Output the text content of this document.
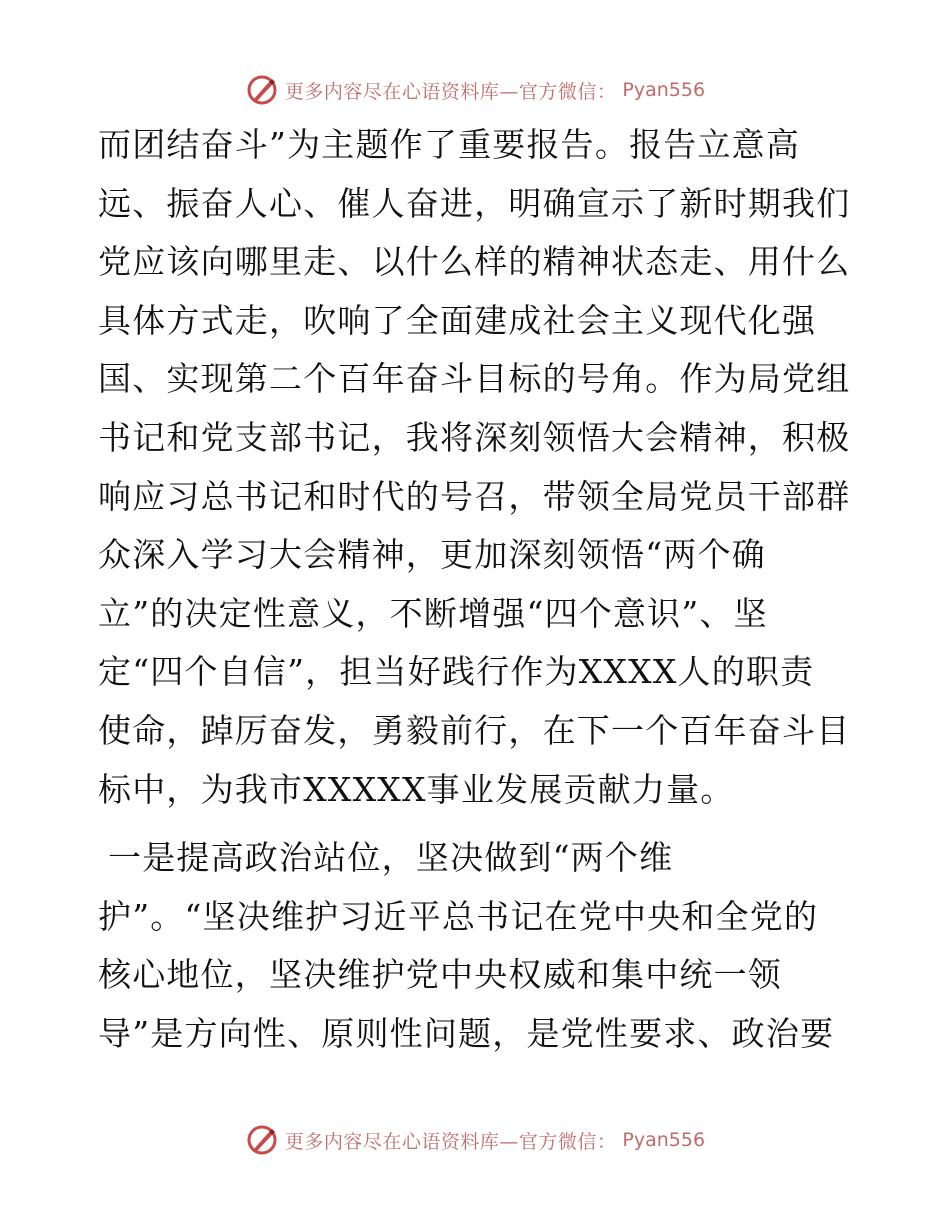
更多内容尽在心语资料库—官方微信： Pyan556

而团结奋斗”为主题作了重要报告。报告立意高
远、振奋人心、催人奋进，明确宣示了新时期我们
党应该向哪里走、以什么样的精神状态走、用什么
具体方式走，吹响了全面建成社会主义现代化强
国、实现第二个百年奋斗目标的号角。作为局党组
书记和党支部书记，我将深刻领悟大会精神，积极
响应习总书记和时代的号召，带领全局党员干部群
众深入学习大会精神，更加深刻领悟“两个确
立”的决定性意义，不断增强“四个意识”、坚
定“四个自信”，担当好践行作为XXXX人的职责
使命，踔厉奋发，勇毅前行，在下一个百年奋斗目
标中，为我市XXXXX事业发展贡献力量。

一是提高政治站位，坚决做到“两个维
护”。“坚决维护习近平总书记在党中央和全党的
核心地位，坚决维护党中央权威和集中统一领
导”是方向性、原则性问题，是党性要求、政治要

更多内容尽在心语资料库—官方微信： Pyan556
